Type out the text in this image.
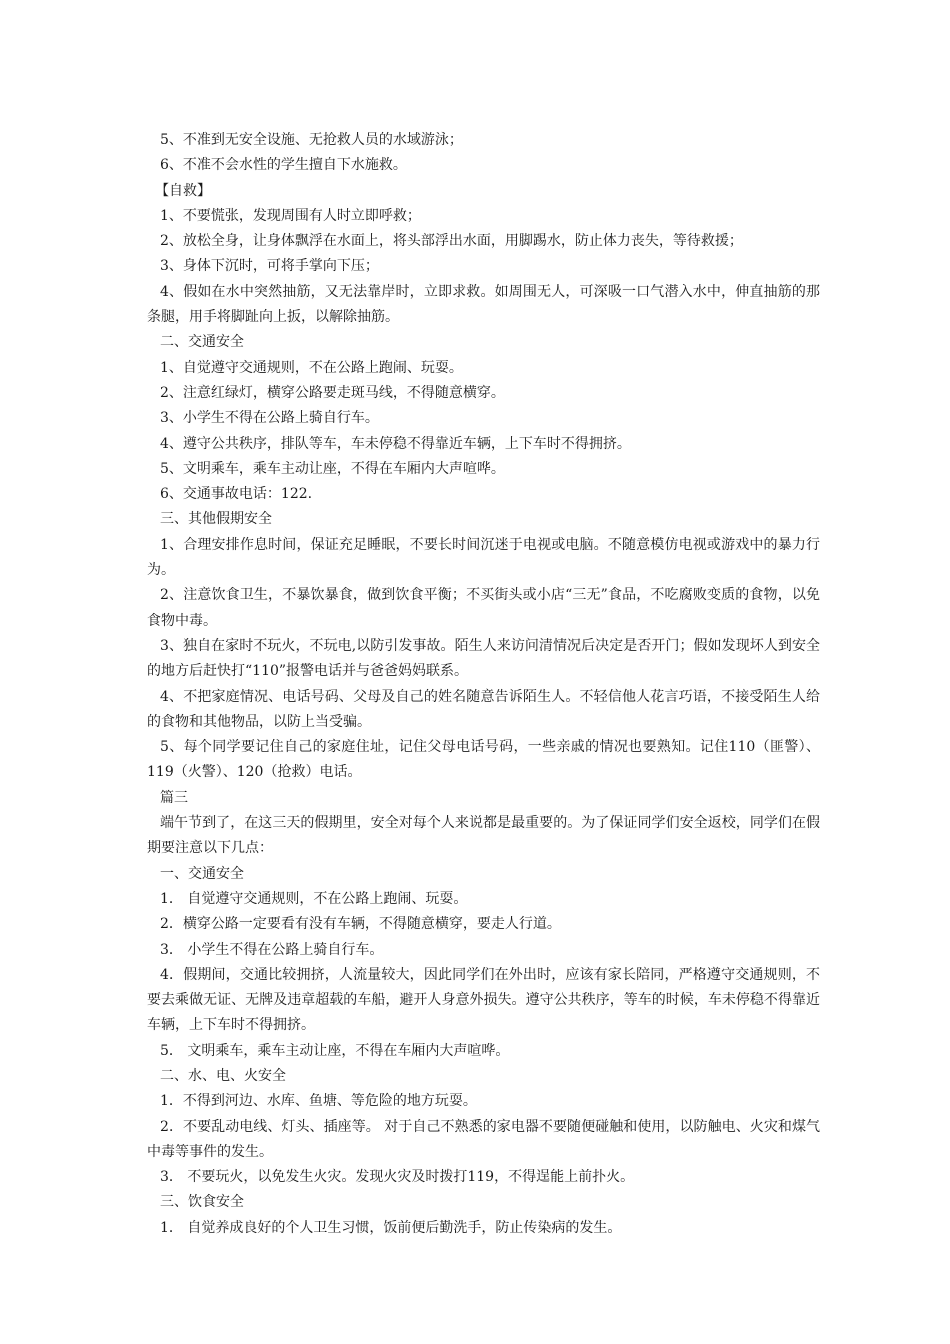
5、不准到无安全设施、无抢救人员的水域游泳；

6、不准不会水性的学生擅自下水施救。

【自救】

1、不要慌张，发现周围有人时立即呼救；

2、放松全身，让身体飘浮在水面上，将头部浮出水面，用脚踢水，防止体力丧失，等待救援；

3、身体下沉时，可将手掌向下压；

4、假如在水中突然抽筋，又无法靠岸时，立即求救。如周围无人，可深吸一口气潜入水中，伸直抽筋的那条腿，用手将脚趾向上扳，以解除抽筋。

二、交通安全

1、自觉遵守交通规则，不在公路上跑闹、玩耍。

2、注意红绿灯，横穿公路要走斑马线，不得随意横穿。

3、小学生不得在公路上骑自行车。

4、遵守公共秩序，排队等车，车未停稳不得靠近车辆，上下车时不得拥挤。

5、文明乘车，乘车主动让座，不得在车厢内大声喧哗。

6、交通事故电话：122.

三、其他假期安全

1、合理安排作息时间，保证充足睡眠，不要长时间沉迷于电视或电脑。不随意模仿电视或游戏中的暴力行为。

2、注意饮食卫生，不暴饮暴食，做到饮食平衡；不买街头或小店“三无”食品，不吃腐败变质的食物，以免食物中毒。

3、独自在家时不玩火，不玩电,以防引发事故。陌生人来访问清情况后决定是否开门；假如发现坏人到安全的地方后赶快打“110”报警电话并与爸爸妈妈联系。

4、不把家庭情况、电话号码、父母及自己的姓名随意告诉陌生人。不轻信他人花言巧语，不接受陌生人给的食物和其他物品，以防上当受骗。

5、每个同学要记住自己的家庭住址，记住父母电话号码，一些亲戚的情况也要熟知。记住110（匪警）、119（火警）、120（抢救）电话。

篇三

端午节到了，在这三天的假期里，安全对每个人来说都是最重要的。为了保证同学们安全返校，同学们在假期要注意以下几点：

一、交通安全

1． 自觉遵守交通规则，不在公路上跑闹、玩耍。

2．横穿公路一定要看有没有车辆，不得随意横穿，要走人行道。

3． 小学生不得在公路上骑自行车。

4．假期间，交通比较拥挤，人流量较大，因此同学们在外出时，应该有家长陪同，严格遵守交通规则，不要去乘做无证、无牌及违章超载的车船，避开人身意外损失。遵守公共秩序，等车的时候，车未停稳不得靠近车辆，上下车时不得拥挤。

5． 文明乘车，乘车主动让座，不得在车厢内大声喧哗。

二、水、电、火安全

1．不得到河边、水库、鱼塘、等危险的地方玩耍。

2．不要乱动电线、灯头、插座等。 对于自己不熟悉的家电器不要随便碰触和使用，以防触电、火灾和煤气中毒等事件的发生。

3． 不要玩火，以免发生火灾。发现火灾及时拨打119，不得逞能上前扑火。

三、饮食安全

1． 自觉养成良好的个人卫生习惯，饭前便后勤洗手，防止传染病的发生。
